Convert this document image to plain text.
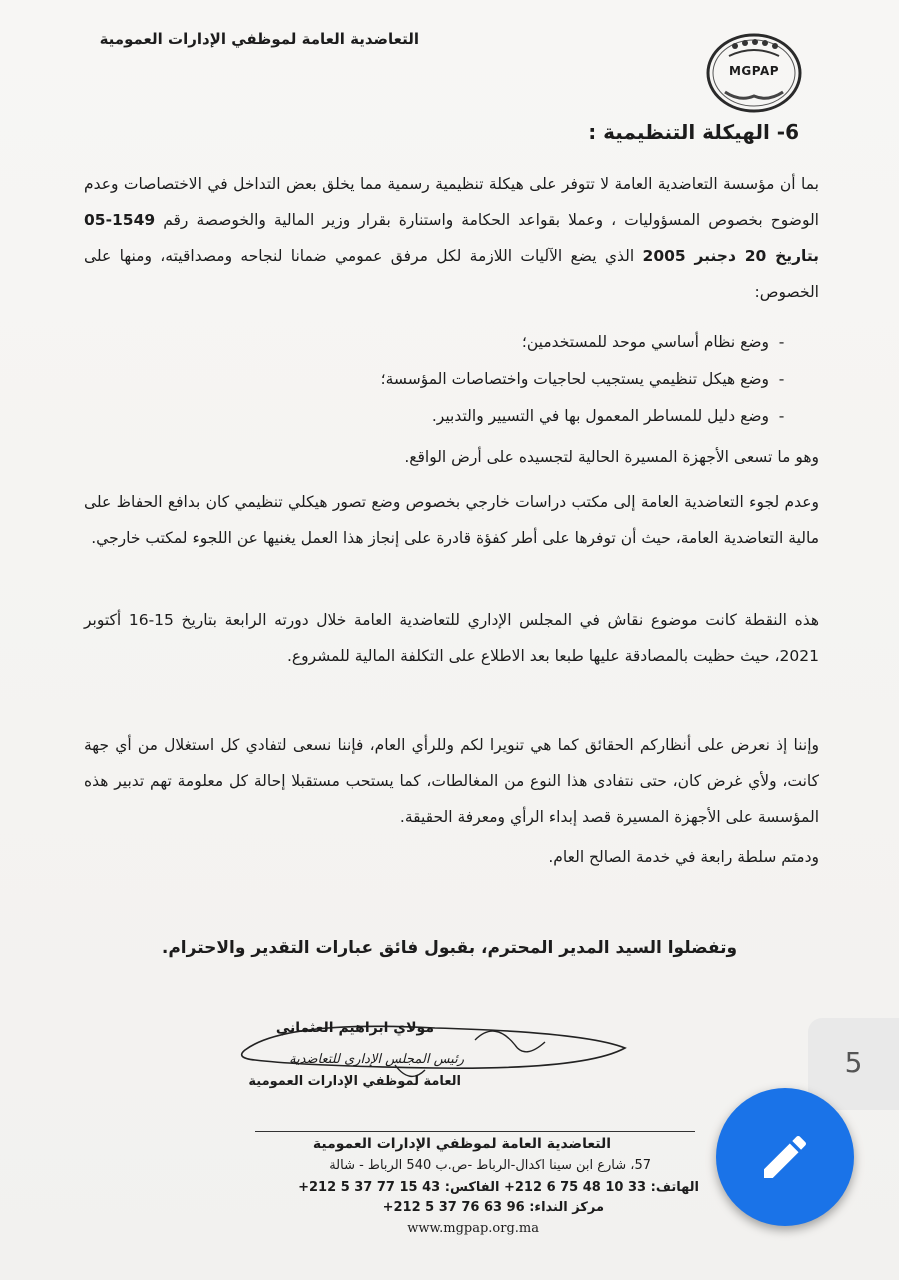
التعاضدية العامة لموظفي الإدارات العمومية
MGPAP
6- الهيكلة التنظيمية :
بما أن مؤسسة التعاضدية العامة لا تتوفر على هيكلة تنظيمية رسمية مما يخلق بعض التداخل في الاختصاصات وعدم الوضوح بخصوص المسؤوليات ، وعملا بقواعد الحكامة واستنارة بقرار وزير المالية والخوصصة رقم 1549-05 بتاريخ 20 دجنبر 2005 الذي يضع الآليات اللازمة لكل مرفق عمومي ضمانا لنجاحه ومصداقيته، ومنها على الخصوص:
-وضع نظام أساسي موحد للمستخدمين؛
-وضع هيكل تنظيمي يستجيب لحاجيات واختصاصات المؤسسة؛
-وضع دليل للمساطر المعمول بها في التسيير والتدبير.
وهو ما تسعى الأجهزة المسيرة الحالية لتجسيده على أرض الواقع.
وعدم لجوء التعاضدية العامة إلى مكتب دراسات خارجي بخصوص وضع تصور هيكلي تنظيمي كان بدافع الحفاظ على مالية التعاضدية العامة، حيث أن توفرها على أطر كفؤة قادرة على إنجاز هذا العمل يغنيها عن اللجوء لمكتب خارجي.
هذه النقطة كانت موضوع نقاش في المجلس الإداري للتعاضدية العامة خلال دورته الرابعة بتاريخ 15-16 أكتوبر 2021، حيث حظيت بالمصادقة عليها طبعا بعد الاطلاع على التكلفة المالية للمشروع.
وإننا إذ نعرض على أنظاركم الحقائق كما هي تنويرا لكم وللرأي العام، فإننا نسعى لتفادي كل استغلال من أي جهة كانت، ولأي غرض كان، حتى نتفادى هذا النوع من المغالطات، كما يستحب مستقبلا إحالة كل معلومة تهم تدبير هذه المؤسسة على الأجهزة المسيرة قصد إبداء الرأي ومعرفة الحقيقة.
ودمتم سلطة رابعة في خدمة الصالح العام.
وتفضلوا السيد المدير المحترم، بقبول فائق عبارات التقدير والاحترام.
مولاي ابراهيم العثماني
رئيس المجلس الإداري للتعاضدية
العامة لموظفي الإدارات العمومية
التعاضدية العامة لموظفي الإدارات العمومية
57، شارع ابن سينا اكدال-الرباط -ص.ب 540 الرباط - شالة
الهاتف: 33 10 48 75 6 212+ الفاكس: 43 15 77 37 5 212+
مركز النداء: 96 63 76 37 5 212+
www.mgpap.org.ma
5
